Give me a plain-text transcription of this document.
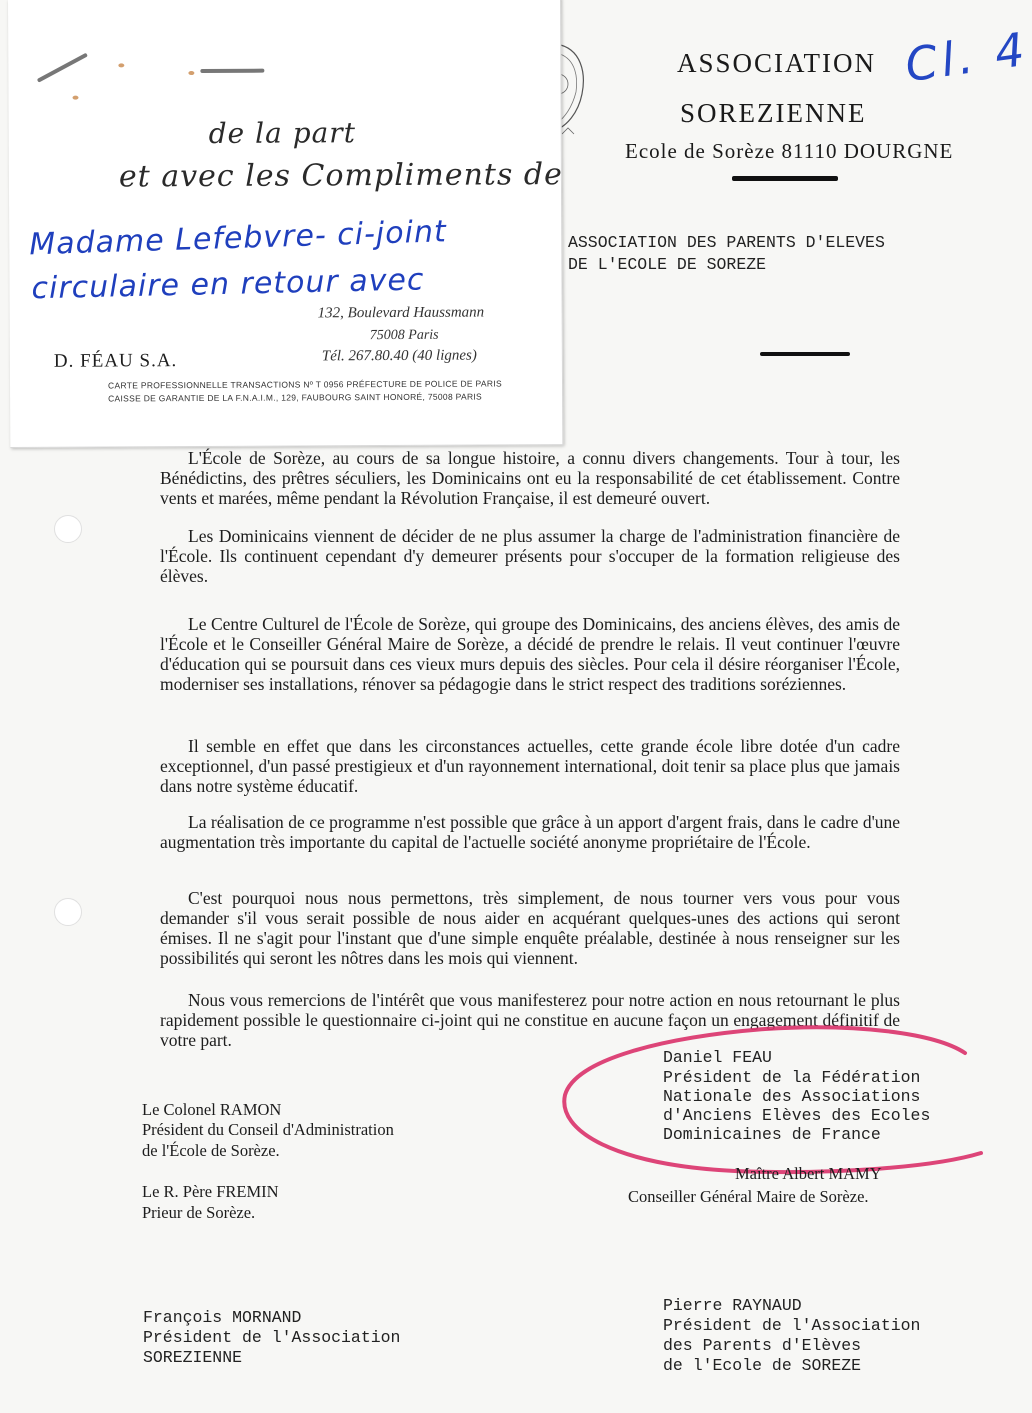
ASSOCIATION
SOREZIENNE
Ecole de Sorèze 81110 DOURGNE
Cl. 4
ASSOCIATION DES PARENTS D'ELEVES
DE L'ECOLE DE SOREZE
de la part
et avec les Compliments de
Madame Lefebvre- ci-joint
circulaire en retour avec
132, Boulevard Haussmann
75008 Paris
Tél. 267.80.40 (40 lignes)
D. FÉAU S.A.
CARTE PROFESSIONNELLE TRANSACTIONS Nº T 0956 PRÉFECTURE DE POLICE DE PARIS
CAISSE DE GARANTIE DE LA F.N.A.I.M., 129, FAUBOURG SAINT HONORÉ, 75008 PARIS

L'École de Sorèze, au cours de sa longue histoire, a connu divers changements. Tour à tour, les Bénédictins, des prêtres séculiers, les Dominicains ont eu la responsabilité de cet établissement. Contre vents et marées, même pendant la Révolution Française, il est demeuré ouvert.

Les Dominicains viennent de décider de ne plus assumer la charge de l'administration financière de l'École. Ils continuent cependant d'y demeurer présents pour s'occuper de la formation religieuse des élèves.

Le Centre Culturel de l'École de Sorèze, qui groupe des Dominicains, des anciens élèves, des amis de l'École et le Conseiller Général Maire de Sorèze, a décidé de prendre le relais. Il veut continuer l'œuvre d'éducation qui se poursuit dans ces vieux murs depuis des siècles. Pour cela il désire réorganiser l'École, moderniser ses installations, rénover sa pédagogie dans le strict respect des traditions soréziennes.

Il semble en effet que dans les circonstances actuelles, cette grande école libre dotée d'un cadre exceptionnel, d'un passé prestigieux et d'un rayonnement international, doit tenir sa place plus que jamais dans notre système éducatif.

La réalisation de ce programme n'est possible que grâce à un apport d'argent frais, dans le cadre d'une augmentation très importante du capital de l'actuelle société anonyme propriétaire de l'École.

C'est pourquoi nous nous permettons, très simplement, de nous tourner vers vous pour vous demander s'il vous serait possible de nous aider en acquérant quelques-unes des actions qui seront émises. Il ne s'agit pour l'instant que d'une simple enquête préalable, destinée à nous renseigner sur les possibilités qui seront les nôtres dans les mois qui viennent.

Nous vous remercions de l'intérêt que vous manifesterez pour notre action en nous retournant le plus rapidement possible le questionnaire ci-joint qui ne constitue en aucune façon un engagement définitif de votre part.

Daniel FEAU
Président de la Fédération
Nationale des Associations
d'Anciens Elèves des Ecoles
Dominicaines de France
Le Colonel RAMON
Président du Conseil d'Administration
de l'École de Sorèze.
Maître Albert MAMY
Conseiller Général Maire de Sorèze.
Le R. Père FREMIN
Prieur de Sorèze.
François MORNAND
Président de l'Association
SOREZIENNE
Pierre RAYNAUD
Président de l'Association
des Parents d'Elèves
de l'Ecole de SOREZE
